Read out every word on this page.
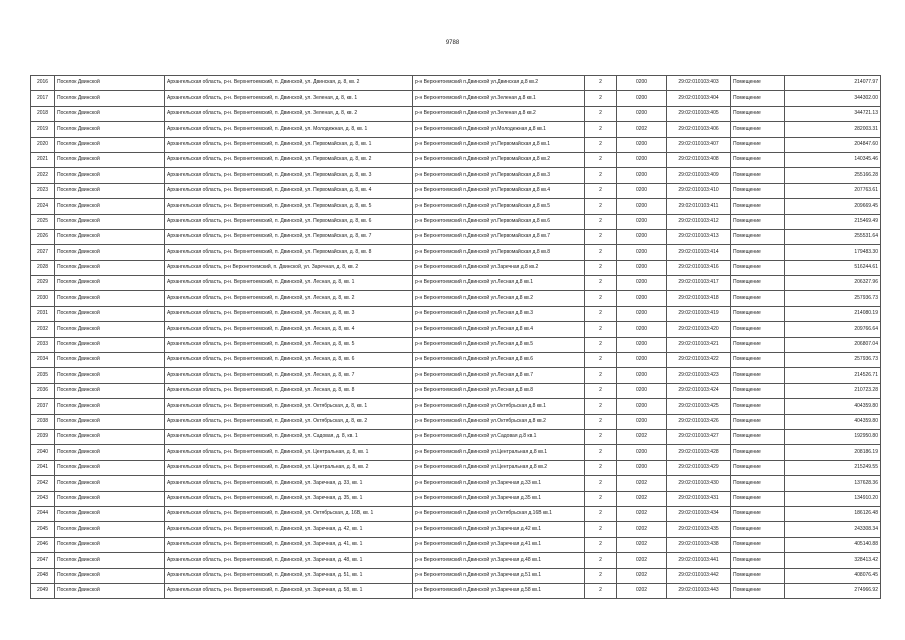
9788
2016	Поселок Двинской	Архангельская область, р-н. Верхнетоемский, п. Двинской, ул. Двинская, д. 8, кв. 2	р-н Верхнетоемский п.Двинской ул.Двинская д.8 кв.2	2	0200	29:02:010103:403	Помещение	214077.97
2017	Поселок Двинской	Архангельская область, р-н. Верхнетоемский, п. Двинской, ул. Зеленая, д. 8, кв. 1	р-н Верхнетоемский п.Двинской ул.Зеленая д.8 кв.1	2	0200	29:02:010103:404	Помещение	344302.00
2018	Поселок Двинской	Архангельская область, р-н. Верхнетоемский, п. Двинской, ул. Зеленая, д. 8, кв. 2	р-н Верхнетоемский п.Двинской ул.Зеленая д.8 кв.2	2	0200	29:02:010103:405	Помещение	344721.13
2019	Поселок Двинской	Архангельская область, р-н. Верхнетоемский, п. Двинской, ул. Молодежная, д. 8, кв. 1	р-н Верхнетоемский п.Двинской ул.Молодежная д.8 кв.1	2	0202	29:02:010103:406	Помещение	282003.31
2020	Поселок Двинской	Архангельская область, р-н. Верхнетоемский, п. Двинской, ул. Первомайская, д. 8, кв. 1	р-н Верхнетоемский п.Двинской ул.Первомайская д.8 кв.1	2	0200	29:02:010103:407	Помещение	204847.60
2021	Поселок Двинской	Архангельская область, р-н. Верхнетоемский, п. Двинской, ул. Первомайская, д. 8, кв. 2	р-н Верхнетоемский п.Двинской ул.Первомайская д.8 кв.2	2	0200	29:02:010103:408	Помещение	140345.46
2022	Поселок Двинской	Архангельская область, р-н. Верхнетоемский, п. Двинской, ул. Первомайская, д. 8, кв. 3	р-н Верхнетоемский п.Двинской ул.Первомайская д.8 кв.3	2	0200	29:02:010103:409	Помещение	255166.28
2023	Поселок Двинской	Архангельская область, р-н. Верхнетоемский, п. Двинской, ул. Первомайская, д. 8, кв. 4	р-н Верхнетоемский п.Двинской ул.Первомайская д.8 кв.4	2	0200	29:02:010103:410	Помещение	207763.61
2024	Поселок Двинской	Архангельская область, р-н. Верхнетоемский, п. Двинской, ул. Первомайская, д. 8, кв. 5	р-н Верхнетоемский п.Двинской ул.Первомайская д.8 кв.5	2	0200	29:02:010103:411	Помещение	209669.45
2025	Поселок Двинской	Архангельская область, р-н. Верхнетоемский, п. Двинской, ул. Первомайская, д. 8, кв. 6	р-н Верхнетоемский п.Двинской ул.Первомайская д.8 кв.6	2	0200	29:02:010103:412	Помещение	215469.49
2026	Поселок Двинской	Архангельская область, р-н. Верхнетоемский, п. Двинской, ул. Первомайская, д. 8, кв. 7	р-н Верхнетоемский п.Двинской ул.Первомайская д.8 кв.7	2	0200	29:02:010103:413	Помещение	255531.64
2027	Поселок Двинской	Архангельская область, р-н. Верхнетоемский, п. Двинской, ул. Первомайская, д. 8, кв. 8	р-н Верхнетоемский п.Двинской ул.Первомайская д.8 кв.8	2	0200	29:02:010103:414	Помещение	179483.30
2028	Поселок Двинской	Архангельская область, р-н Верхнетоемский, п. Двинской, ул. Заречная, д. 8, кв. 2	р-н Верхнетоемский п.Двинской ул.Заречная д.8 кв.2	2	0200	29:02:010103:416	Помещение	516244.61
2029	Поселок Двинской	Архангельская область, р-н. Верхнетоемский, п. Двинской, ул. Лесная, д. 8, кв. 1	р-н Верхнетоемский п.Двинской ул.Лесная д.8 кв.1	2	0200	29:02:010103:417	Помещение	206327.96
2030	Поселок Двинской	Архангельская область, р-н. Верхнетоемский, п. Двинской, ул. Лесная, д. 8, кв. 2	р-н Верхнетоемский п.Двинской ул.Лесная д.8 кв.2	2	0200	29:02:010103:418	Помещение	257936.73
2031	Поселок Двинской	Архангельская область, р-н. Верхнетоемский, п. Двинской, ул. Лесная, д. 8, кв. 3	р-н Верхнетоемский п.Двинской ул.Лесная д.8 кв.3	2	0200	29:02:010103:419	Помещение	214080.19
2032	Поселок Двинской	Архангельская область, р-н. Верхнетоемский, п. Двинской, ул. Лесная, д. 8, кв. 4	р-н Верхнетоемский п.Двинской ул.Лесная д.8 кв.4	2	0200	29:02:010103:420	Помещение	209766.64
2033	Поселок Двинской	Архангельская область, р-н. Верхнетоемский, п. Двинской, ул. Лесная, д. 8, кв. 5	р-н Верхнетоемский п.Двинской ул.Лесная д.8 кв.5	2	0200	29:02:010103:421	Помещение	206807.04
2034	Поселок Двинской	Архангельская область, р-н. Верхнетоемский, п. Двинской, ул. Лесная, д. 8, кв. 6	р-н Верхнетоемский п.Двинской ул.Лесная д.8 кв.6	2	0200	29:02:010103:422	Помещение	257936.73
2035	Поселок Двинской	Архангельская область, р-н. Верхнетоемский, п. Двинской, ул. Лесная, д. 8, кв. 7	р-н Верхнетоемский п.Двинской ул.Лесная д.8 кв.7	2	0200	29:02:010103:423	Помещение	214526.71
2036	Поселок Двинской	Архангельская область, р-н. Верхнетоемский, п. Двинской, ул. Лесная, д. 8, кв. 8	р-н Верхнетоемский п.Двинской ул.Лесная д.8 кв.8	2	0200	29:02:010103:424	Помещение	210723.28
2037	Поселок Двинской	Архангельская область, р-н. Верхнетоемский, п. Двинской, ул. Октябрьская, д. 8, кв. 1	р-н Верхнетоемский п.Двинской ул.Октябрьская д.8 кв.1	2	0200	29:02:010103:425	Помещение	404359.80
2038	Поселок Двинской	Архангельская область, р-н. Верхнетоемский, п. Двинской, ул. Октябрьская, д. 8, кв. 2	р-н Верхнетоемский п.Двинской ул.Октябрьская д.8 кв.2	2	0200	29:02:010103:426	Помещение	404359.80
2039	Поселок Двинской	Архангельская область, р-н. Верхнетоемский, п. Двинской, ул. Садовая, д. 8, кв. 1	р-н Верхнетоемский п.Двинской ул.Садовая д.8 кв.1	2	0202	29:02:010103:427	Помещение	192950.80
2040	Поселок Двинской	Архангельская область, р-н. Верхнетоемский, п. Двинской, ул. Центральная, д. 8, кв. 1	р-н Верхнетоемский п.Двинской ул.Центральная д.8 кв.1	2	0200	29:02:010103:428	Помещение	208186.19
2041	Поселок Двинской	Архангельская область, р-н. Верхнетоемский, п. Двинской, ул. Центральная, д. 8, кв. 2	р-н Верхнетоемский п.Двинской ул.Центральная д.8 кв.2	2	0200	29:02:010103:429	Помещение	215249.55
2042	Поселок Двинской	Архангельская область, р-н. Верхнетоемский, п. Двинской, ул. Заречная, д. 33, кв. 1	р-н Верхнетоемский п.Двинской ул.Заречная д.33 кв.1	2	0202	29:02:010103:430	Помещение	137628.36
2043	Поселок Двинской	Архангельская область, р-н. Верхнетоемский, п. Двинской, ул. Заречная, д. 35, кв. 1	р-н Верхнетоемский п.Двинской ул.Заречная д.35 кв.1	2	0202	29:02:010103:431	Помещение	134910.20
2044	Поселок Двинской	Архангельская область, р-н. Верхнетоемский, п. Двинской, ул. Октябрьская, д. 16В, кв. 1	р-н Верхнетоемский п.Двинской ул.Октябрьская д.16В кв.1	2	0202	29:02:010103:434	Помещение	186126.48
2045	Поселок Двинской	Архангельская область, р-н. Верхнетоемский, п. Двинской, ул. Заречная, д. 42, кв. 1	р-н Верхнетоемский п.Двинской ул.Заречная д.42 кв.1	2	0202	29:02:010103:435	Помещение	243308.34
2046	Поселок Двинской	Архангельская область, р-н. Верхнетоемский, п. Двинской, ул. Заречная, д. 41, кв. 1	р-н Верхнетоемский п.Двинской ул.Заречная д.41 кв.1	2	0202	29:02:010103:438	Помещение	405140.88
2047	Поселок Двинской	Архангельская область, р-н. Верхнетоемский, п. Двинской, ул. Заречная, д. 48, кв. 1	р-н Верхнетоемский п.Двинской ул.Заречная д.48 кв.1	2	0202	29:02:010103:441	Помещение	328413.42
2048	Поселок Двинской	Архангельская область, р-н. Верхнетоемский, п. Двинской, ул. Заречная, д. 51, кв. 1	р-н Верхнетоемский п.Двинской ул.Заречная д.51 кв.1	2	0202	29:02:010103:442	Помещение	408076.45
2049	Поселок Двинской	Архангельская область, р-н. Верхнетоемский, п. Двинской, ул. Заречная, д. 58, кв. 1	р-н Верхнетоемский п.Двинской ул.Заречная д.58 кв.1	2	0202	29:02:010103:443	Помещение	274966.92
